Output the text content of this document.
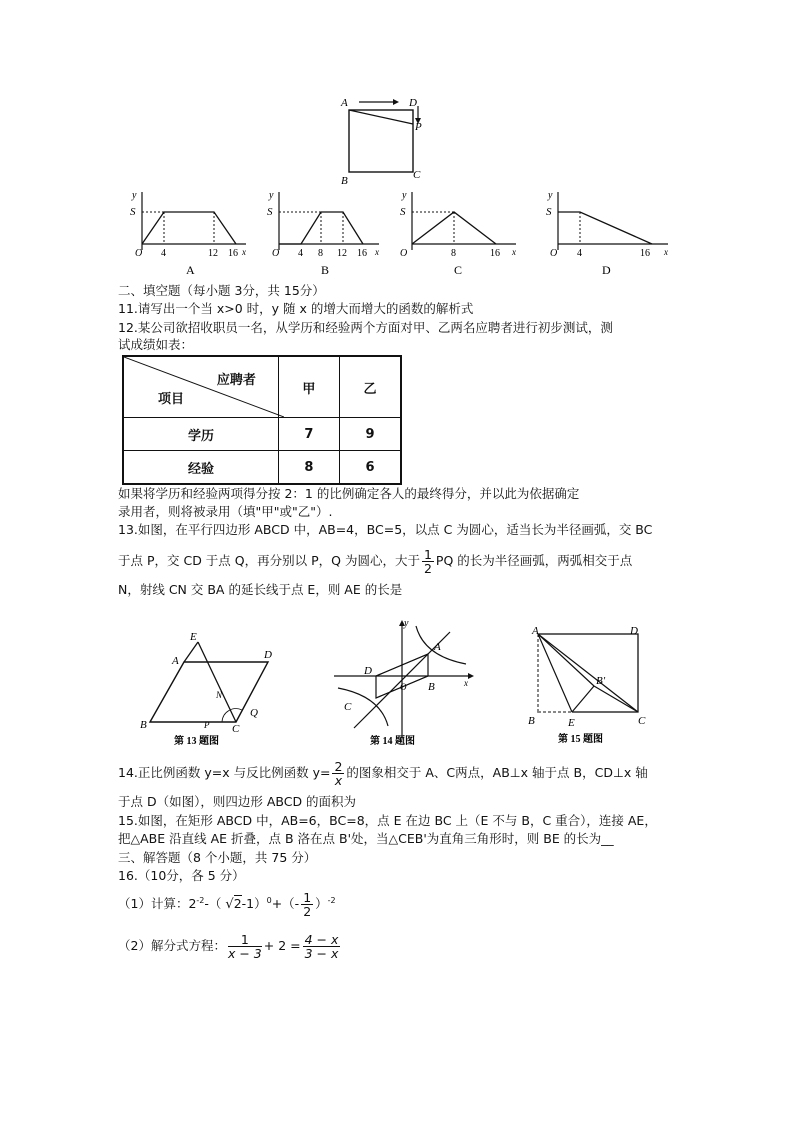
A	D
P
B	C
y
S
O	x
4	12 16
A
y
S
O	x
4 8 12 16
B
y
S
O	x
8	16
C
y
S
O	x
4	16
D
二、填空题（每小题 3分，共 15分）
11.请写出一个当 x>0 时，y 随 x 的增大而增大的函数的解析式
12.某公司欲招收职员一名，从学历和经验两个方面对甲、乙两名应聘者进行初步测试，测
试成绩如表：
应聘者
项目	甲	乙
学历	7	9
经验	8	6
如果将学历和经验两项得分按 2：1 的比例确定各人的最终得分，并以此为依据确定
录用者，则将被录用（填"甲"或"乙"）.
13.如图，在平行四边形 ABCD 中，AB=4，BC=5，以点 C 为圆心，适当长为半径画弧，交 BC
于点 P，交 CD 于点 Q，再分别以 P，Q 为圆心，大于 $\frac{1}{2}$ PQ 的长为半径画弧，两弧相交于点
N，射线 CN 交 BA 的延长线于点 E，则 AE 的长是
N
E
A	D
B	C
Q
P
第 13 题图
y
x
D
A
B
C
O
第 14 题图
A	D
B′
B	E	C
第 15 题图
14.正比例函数 y=x 与反比例函数 $y= \frac{2}{x}$ 的图象相交于 A、C两点，AB⊥x 轴于点 B，CD⊥x 轴
于点 D（如图），则四边形 ABCD 的面积为
15.如图，在矩形 ABCD 中，AB=6，BC=8，点 E 在边 BC 上（E 不与 B，C 重合），连接 AE，
把△ABE 沿直线 AE 折叠，点 B 洛在点 B'处，当△CEB'为直角三角形时，则 BE 的长为__
三、解答题（8 个小题，共 75 分）
16.（10分，各 5 分）
（1）计算：$2^{-2}-$（ $√2-1)^0+(- \frac{1}{2} )^{-2}$
（2）解分式方程： $\frac{1}{x - 3} + 2 = \frac{4 - x}{3 - x}$
